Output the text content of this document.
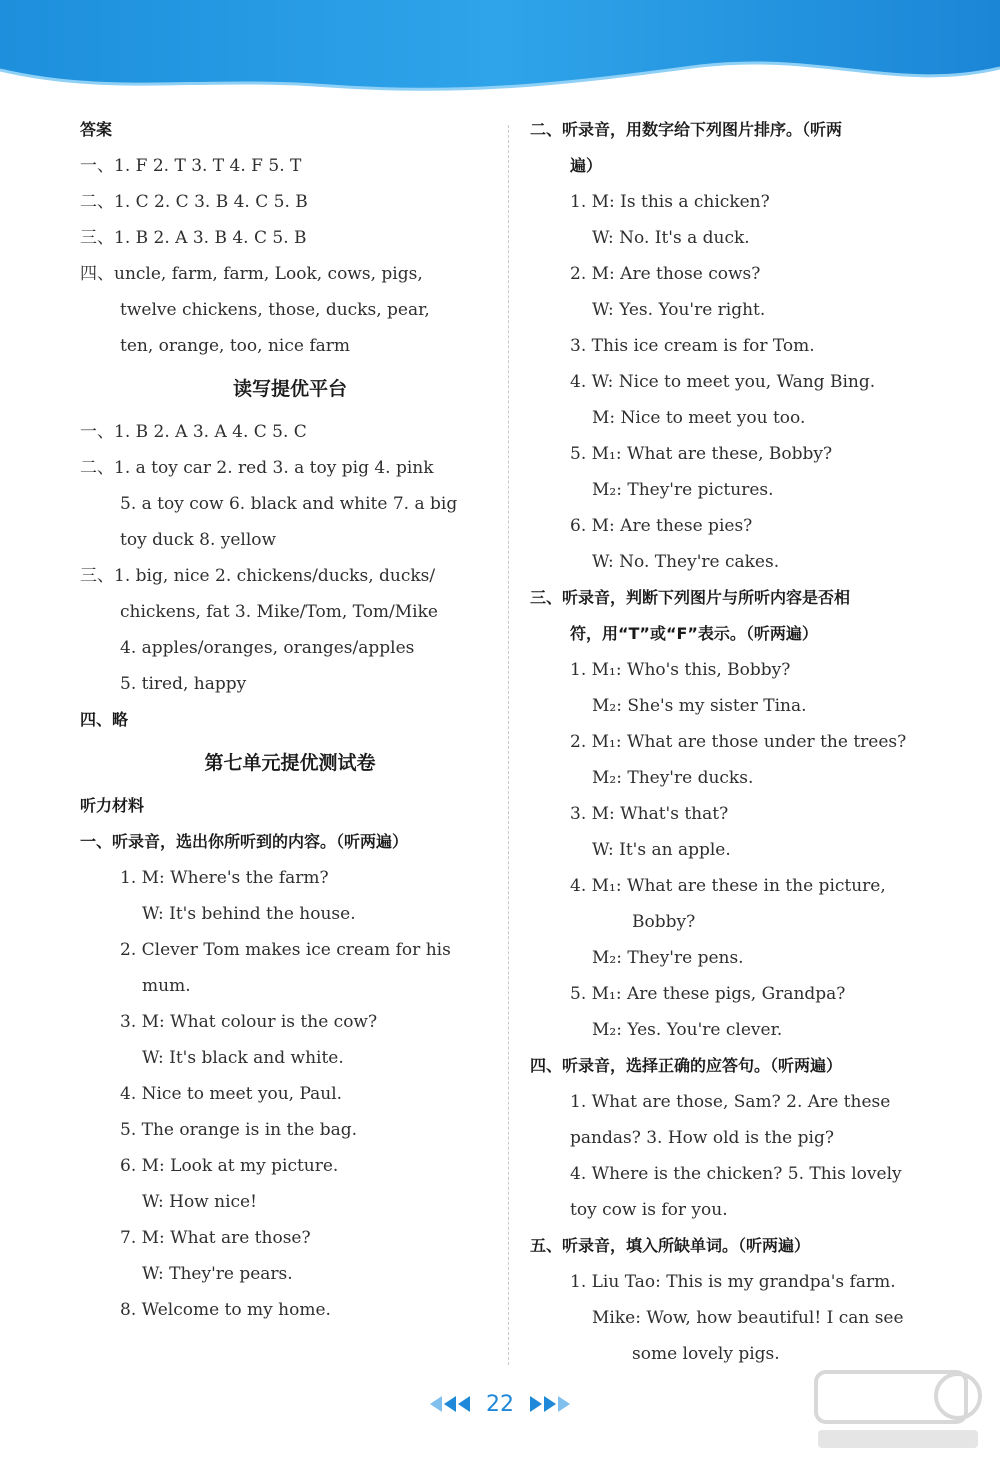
答案
一、1. F 2. T 3. T 4. F 5. T
二、1. C 2. C 3. B 4. C 5. B
三、1. B 2. A 3. B 4. C 5. B
四、uncle, farm, farm, Look, cows, pigs,
twelve chickens, those, ducks, pear,
ten, orange, too, nice farm
读写提优平台
一、1. B 2. A 3. A 4. C 5. C
二、1. a toy car 2. red 3. a toy pig 4. pink
5. a toy cow 6. black and white 7. a big
toy duck 8. yellow
三、1. big, nice 2. chickens/ducks, ducks/
chickens, fat 3. Mike/Tom, Tom/Mike
4. apples/oranges, oranges/apples
5. tired, happy
四、略
第七单元提优测试卷
听力材料
一、听录音，选出你所听到的内容。（听两遍）
1. M: Where's the farm?
W: It's behind the house.
2. Clever Tom makes ice cream for his
mum.
3. M: What colour is the cow?
W: It's black and white.
4. Nice to meet you, Paul.
5. The orange is in the bag.
6. M: Look at my picture.
W: How nice!
7. M: What are those?
W: They're pears.
8. Welcome to my home.
二、听录音，用数字给下列图片排序。（听两
遍）
1. M: Is this a chicken?
W: No. It's a duck.
2. M: Are those cows?
W: Yes. You're right.
3. This ice cream is for Tom.
4. W: Nice to meet you, Wang Bing.
M: Nice to meet you too.
5. M₁: What are these, Bobby?
M₂: They're pictures.
6. M: Are these pies?
W: No. They're cakes.
三、听录音，判断下列图片与所听内容是否相
符，用“T”或“F”表示。（听两遍）
1. M₁: Who's this, Bobby?
M₂: She's my sister Tina.
2. M₁: What are those under the trees?
M₂: They're ducks.
3. M: What's that?
W: It's an apple.
4. M₁: What are these in the picture,
Bobby?
M₂: They're pens.
5. M₁: Are these pigs, Grandpa?
M₂: Yes. You're clever.
四、听录音，选择正确的应答句。（听两遍）
1. What are those, Sam? 2. Are these
pandas? 3. How old is the pig?
4. Where is the chicken? 5. This lovely
toy cow is for you.
五、听录音，填入所缺单词。（听两遍）
1. Liu Tao: This is my grandpa's farm.
Mike: Wow, how beautiful! I can see
some lovely pigs.
22
